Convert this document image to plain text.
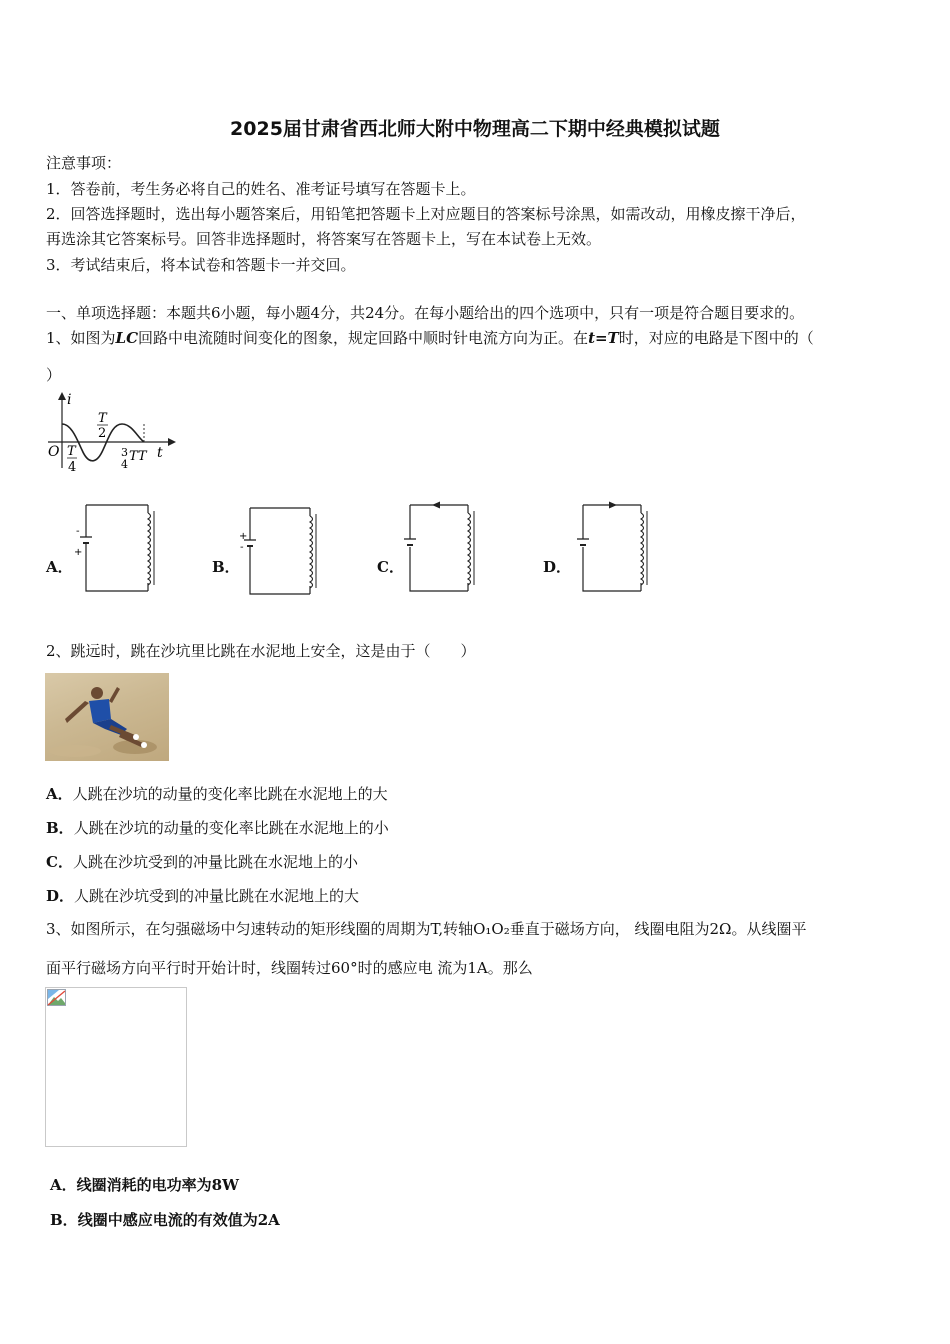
2025届甘肃省西北师大附中物理高二下期中经典模拟试题
注意事项：
1．答卷前，考生务必将自己的姓名、准考证号填写在答题卡上。
2．回答选择题时，选出每小题答案后，用铅笔把答题卡上对应题目的答案标号涂黑，如需改动，用橡皮擦干净后，
再选涂其它答案标号。回答非选择题时，将答案写在答题卡上，写在本试卷上无效。
3．考试结束后，将本试卷和答题卡一并交回。
一、单项选择题：本题共6小题，每小题4分，共24分。在每小题给出的四个选项中，只有一项是符合题目要求的。
1、如图为LC回路中电流随时间变化的图象，规定回路中顺时针电流方向为正。在t=T时，对应的电路是下图中的（
）
i
t
O
T
2
T
4
3
4
TT
A．
-
+
B．
+
-
C．	D．
2、跳远时，跳在沙坑里比跳在水泥地上安全，这是由于（　　）
A．人跳在沙坑的动量的变化率比跳在水泥地上的大
B．人跳在沙坑的动量的变化率比跳在水泥地上的小
C．人跳在沙坑受到的冲量比跳在水泥地上的小
D．人跳在沙坑受到的冲量比跳在水泥地上的大
3、如图所示，在匀强磁场中匀速转动的矩形线圈的周期为T,转轴O₁O₂垂直于磁场方向， 线圈电阻为2Ω。从线圈平
面平行磁场方向平行时开始计时，线圈转过60°时的感应电 流为1A。那么
A．线圈消耗的电功率为8W
B．线圈中感应电流的有效值为2A
